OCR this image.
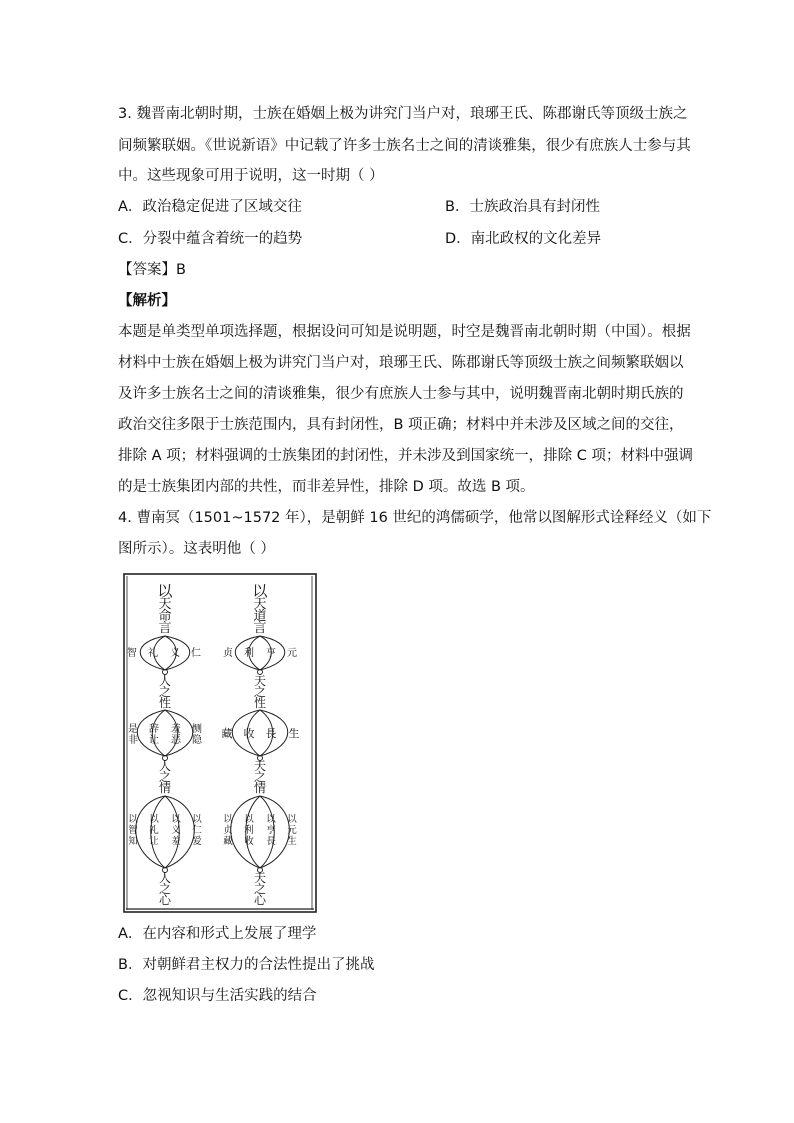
3. 魏晋南北朝时期，士族在婚姻上极为讲究门当户对，琅琊王氏、陈郡谢氏等顶级士族之
间频繁联姻。《世说新语》中记载了许多士族名士之间的清谈雅集，很少有庶族人士参与其
中。这些现象可用于说明，这一时期（ ）
A．政治稳定促进了区域交往	B．士族政治具有封闭性
C．分裂中蕴含着统一的趋势	D．南北政权的文化差异
【答案】B
【解析】
本题是单类型单项选择题，根据设问可知是说明题，时空是魏晋南北朝时期（中国）。根据
材料中士族在婚姻上极为讲究门当户对，琅琊王氏、陈郡谢氏等顶级士族之间频繁联姻以
及许多士族名士之间的清谈雅集，很少有庶族人士参与其中，说明魏晋南北朝时期氏族的
政治交往多限于士族范围内，具有封闭性，B 项正确；材料中并未涉及区域之间的交往，
排除 A 项；材料强调的士族集团的封闭性，并未涉及到国家统一，排除 C 项；材料中强调
的是士族集团内部的共性，而非差异性，排除 D 项。故选 B 项。
4. 曹南冥（1501~1572 年），是朝鲜 16 世纪的鸿儒硕学，他常以图解形式诠释经义（如下
图所示）。这表明他（ ）
以
天
命
言
智 礼 义 仁
人
之
性
是
非
辞
让
羞
恶
恻
隐
人
之
情
以
智
知
以
礼
让
以
义
羞
以
仁
爱
人
之
心
以
天
道
言
贞 利 亨 元
天
之
性
藏 收 長 生
天
之
情
以
贞
藏
以
利
收
以
亨
長
以
元
生
天
之
心
A．在内容和形式上发展了理学
B．对朝鲜君主权力的合法性提出了挑战
C．忽视知识与生活实践的结合
